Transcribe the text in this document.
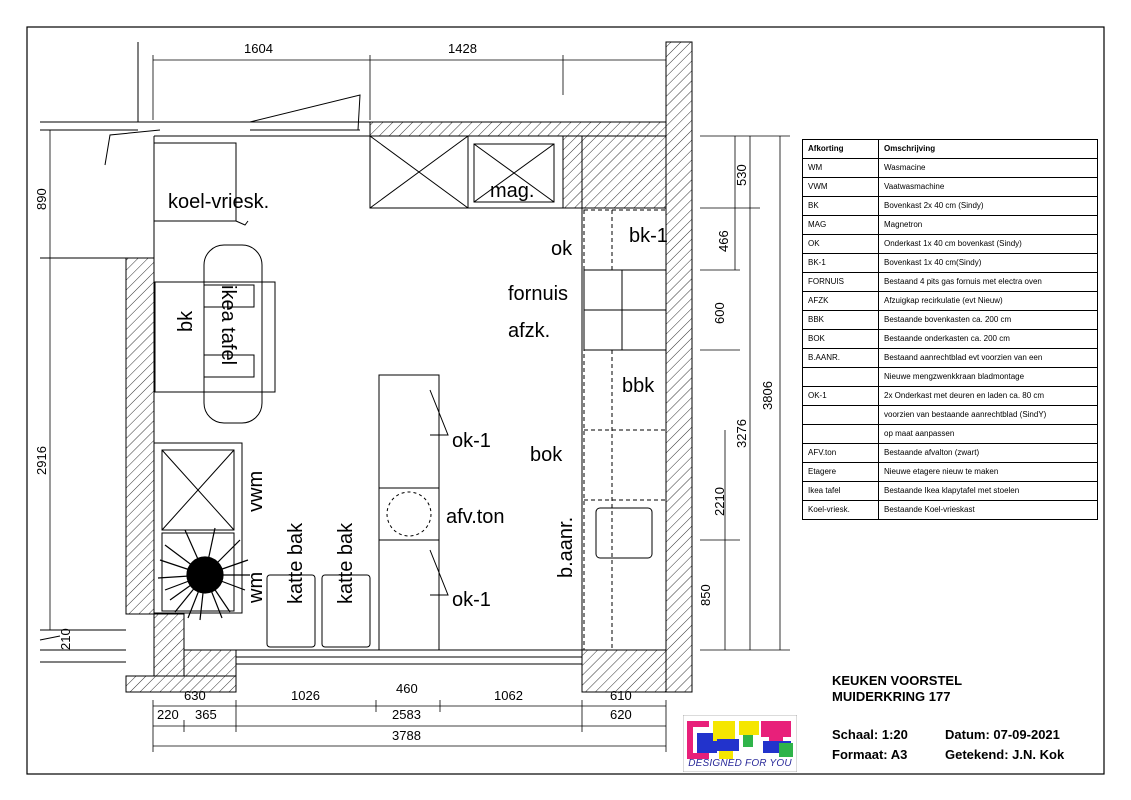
koel-vriesk.	mag.
ok
bk-1
fornuis
afzk.
bbk
ok-1
bok
afv.ton
ok-1
bk ikea tafel
vwm
katte bak katte bak
wm
b.aanr.
1604	1428
890
2916
210
530
466
600
3276
3806
2210
850
630	1026	460	1062	610
220 365	2583	620
3788
Afkorting	Omschrijving
WM	Wasmacine
VWM	Vaatwasmachine
BK	Bovenkast 2x 40 cm (Sindy)
MAG	Magnetron
OK	Onderkast 1x 40 cm bovenkast (Sindy)
BK-1	Bovenkast 1x 40 cm(Sindy)
FORNUIS	Bestaand 4 pits gas fornuis met electra oven
AFZK	Afzuigkap recirkulatie (evt Nieuw)
BBK	Bestaande bovenkasten ca. 200 cm
BOK	Bestaande onderkasten ca. 200 cm
B.AANR.	Bestaand aanrechtblad evt voorzien van een
	Nieuwe mengzwenkkraan bladmontage
OK-1	2x Onderkast met deuren en laden ca. 80 cm
	voorzien van bestaande aanrechtblad (SindY)
	op maat aanpassen
AFV.ton	Bestaande afvalton (zwart)
Etagere	Nieuwe etagere nieuw te maken
Ikea tafel	Bestaande Ikea klapytafel met stoelen
Koel-vriesk.	Bestaande Koel-vrieskast
KEUKEN VOORSTEL
MUIDERKRING 177
Schaal: 1:20	Datum: 07-09-2021
Formaat: A3	Getekend: J.N. Kok
DESIGNED FOR YOU
